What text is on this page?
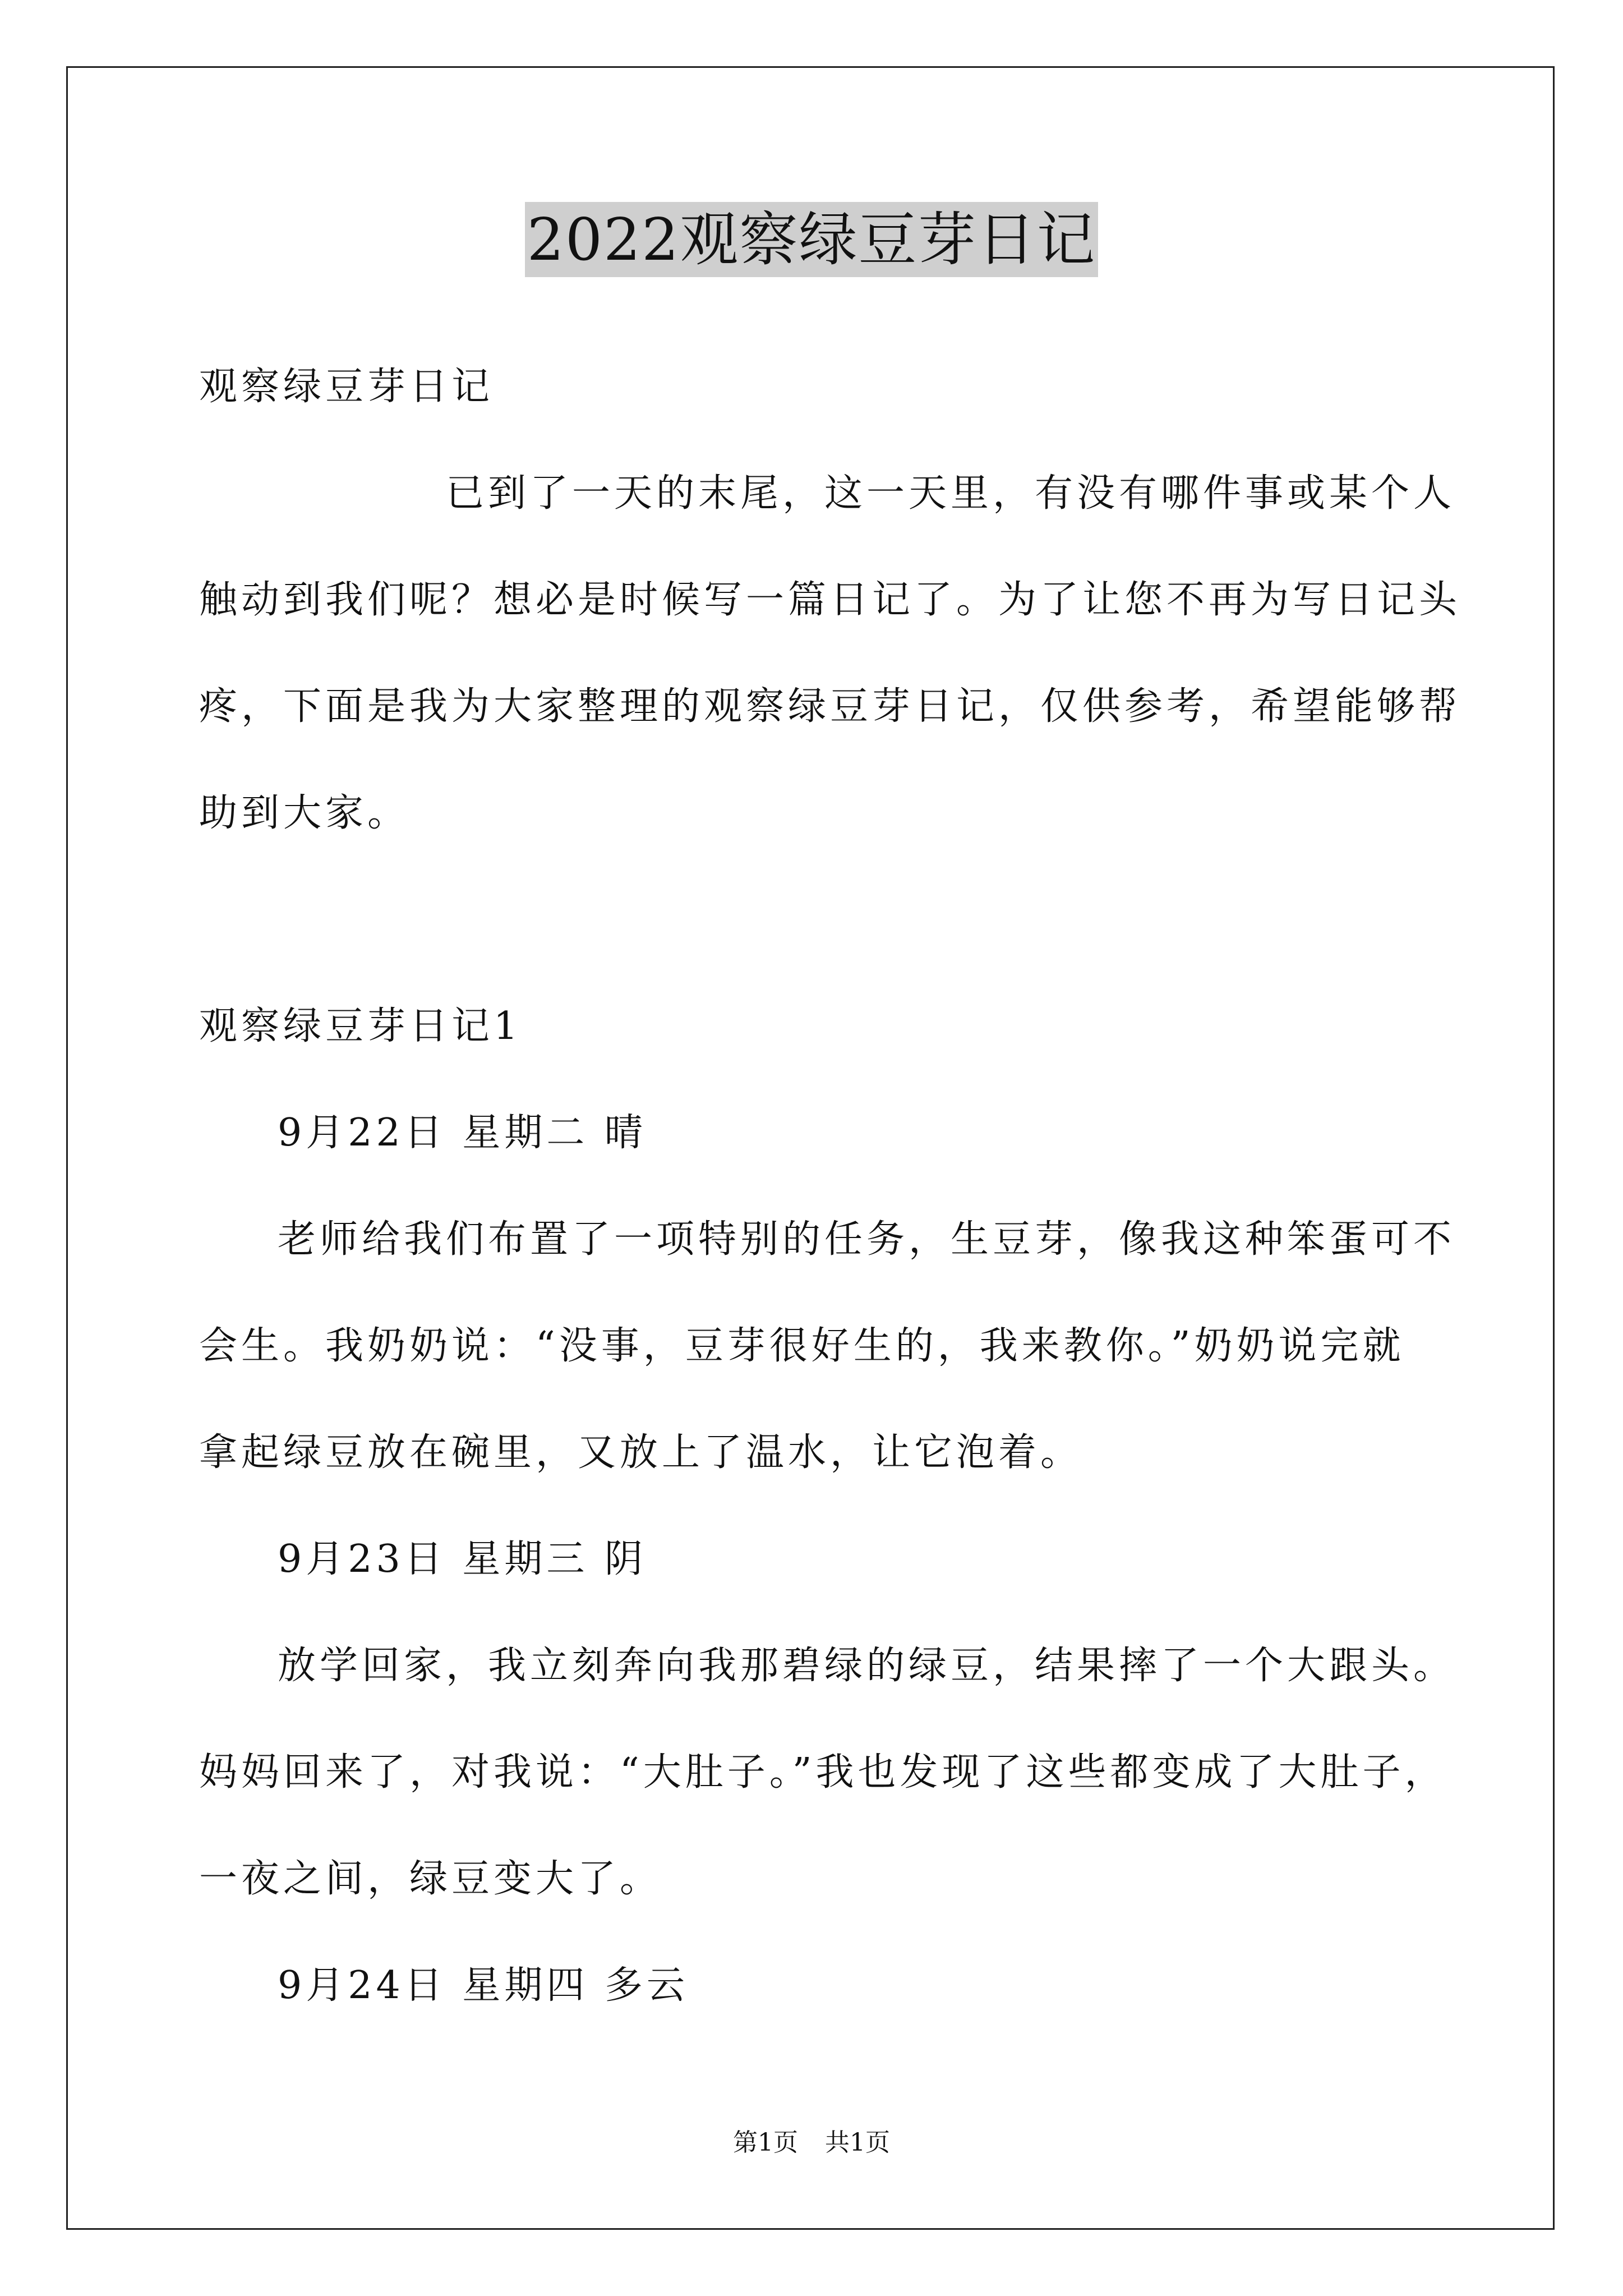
2022观察绿豆芽日记
观察绿豆芽日记
已到了一天的末尾，这一天里，有没有哪件事或某个人
触动到我们呢？想必是时候写一篇日记了。为了让您不再为写日记头
疼，下面是我为大家整理的观察绿豆芽日记，仅供参考，希望能够帮
助到大家。
观察绿豆芽日记1
9月22日 星期二 晴
老师给我们布置了一项特别的任务，生豆芽，像我这种笨蛋可不
会生。我奶奶说：“没事，豆芽很好生的，我来教你。”奶奶说完就
拿起绿豆放在碗里，又放上了温水，让它泡着。
9月23日 星期三 阴
放学回家，我立刻奔向我那碧绿的绿豆，结果摔了一个大跟头。
妈妈回来了，对我说：“大肚子。”我也发现了这些都变成了大肚子，
一夜之间，绿豆变大了。
9月24日 星期四 多云
第1页 共1页
